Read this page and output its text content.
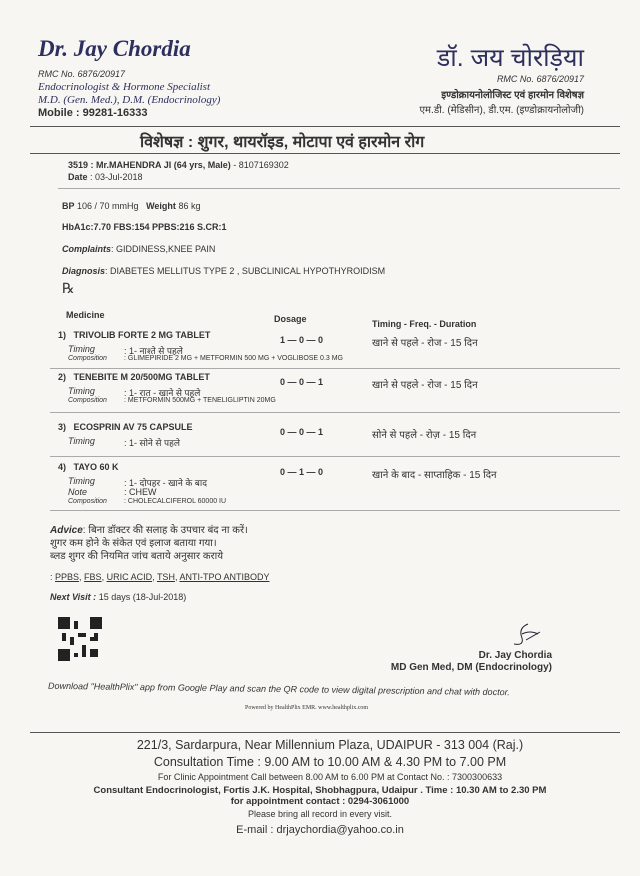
Dr. Jay Chordia
RMC No. 6876/20917
Endocrinologist & Hormone Specialist
M.D. (Gen. Med.), D.M. (Endocrinology)
Mobile : 99281-16333
डॉ. जय चोरड़िया
RMC No. 6876/20917
इण्डोक्रायनोलोजिस्ट एवं हारमोन विशेषज्ञ
एम.डी. (मेडिसीन), डी.एम. (इण्डोक्रायनोलोजी)
विशेषज्ञ : शुगर, थायरॉइड, मोटापा एवं हारमोन रोग
3519 : Mr.MAHENDRA JI (64 yrs, Male) - 8107169302
Date : 03-Jul-2018
BP 106 / 70 mmHg Weight 86 kg
HbA1c:7.70 FBS:154 PPBS:216 S.CR:1
Complaints: GIDDINESS,KNEE PAIN
Diagnosis: DIABETES MELLITUS TYPE 2 , SUBCLINICAL HYPOTHYROIDISM
℞
Medicine	Dosage	Timing - Freq. - Duration
1) TRIVOLIB FORTE 2 MG TABLET	1 — 0 — 0	खाने से पहले - रोज - 15 दिन
Timing	: 1- नाश्ते से पहले
Composition : GLIMEPIRIDE 2 MG + METFORMIN 500 MG + VOGLIBOSE 0.3 MG
2) TENEBITE M 20/500MG TABLET	0 — 0 — 1	खाने से पहले - रोज - 15 दिन
Timing	: 1- रात - खाने से पहले
Composition : METFORMIN 500MG + TENELIGLIPTIN 20MG
3) ECOSPRIN AV 75 CAPSULE	0 — 0 — 1	सोने से पहले - रोज़ - 15 दिन
Timing	: 1- सोने से पहले
4) TAYO 60 K	0 — 1 — 0	खाने के बाद - साप्ताहिक - 15 दिन
Timing	: 1- दोपहर - खाने के बाद
Note	: CHEW
Composition : CHOLECALCIFEROL 60000 IU
Advice: बिना डॉक्टर की सलाह के उपचार बंद ना करें।
शुगर कम होने के संकेत एवं इलाज बताया गया।
ब्लड शुगर की नियमित जांच बताये अनुसार कराये
: PPBS, FBS, URIC ACID, TSH, ANTI-TPO ANTIBODY
Next Visit : 15 days (18-Jul-2018)
Dr. Jay Chordia
MD Gen Med, DM (Endocrinology)
Download "HealthPlix" app from Google Play and scan the QR code to view digital prescription and chat with doctor.
Powered by HealthPlix EMR. www.healthplix.com
221/3, Sardarpura, Near Millennium Plaza, UDAIPUR - 313 004 (Raj.)
Consultation Time : 9.00 AM to 10.00 AM & 4.30 PM to 7.00 PM
For Clinic Appointment Call between 8.00 AM to 6.00 PM at Contact No. : 7300300633
Consultant Endocrinologist, Fortis J.K. Hospital, Shobhagpura, Udaipur . Time : 10.30 AM to 2.30 PM
for appointment contact : 0294-3061000
Please bring all record in every visit.
E-mail : drjaychordia@yahoo.co.in
